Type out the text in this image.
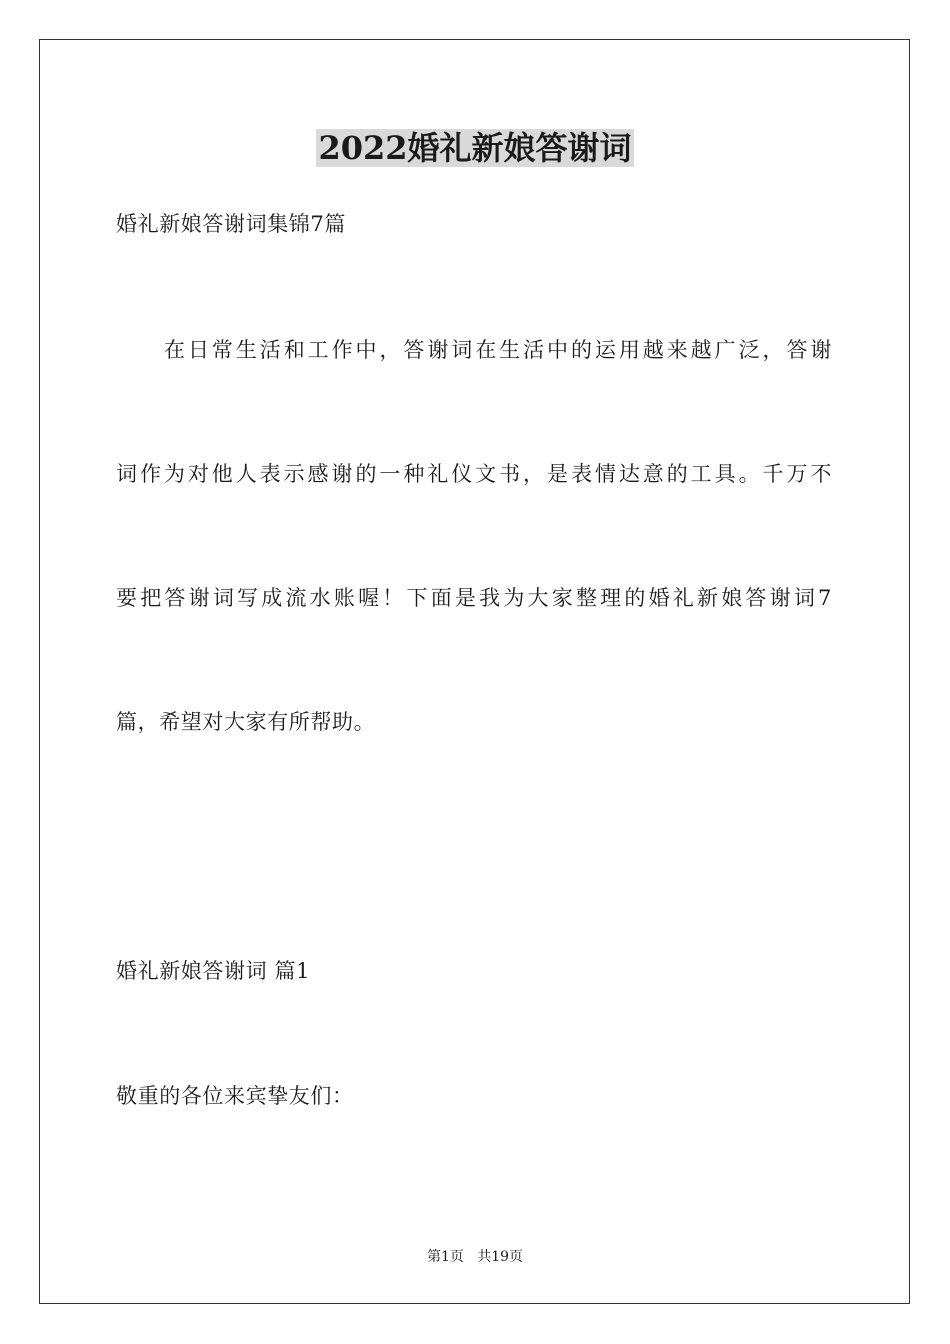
2022婚礼新娘答谢词
婚礼新娘答谢词集锦7篇
在日常生活和工作中，答谢词在生活中的运用越来越广泛，答谢
词作为对他人表示感谢的一种礼仪文书，是表情达意的工具。千万不
要把答谢词写成流水账喔！下面是我为大家整理的婚礼新娘答谢词7
篇，希望对大家有所帮助。
婚礼新娘答谢词 篇1
敬重的各位来宾挚友们：
第1页   共19页
